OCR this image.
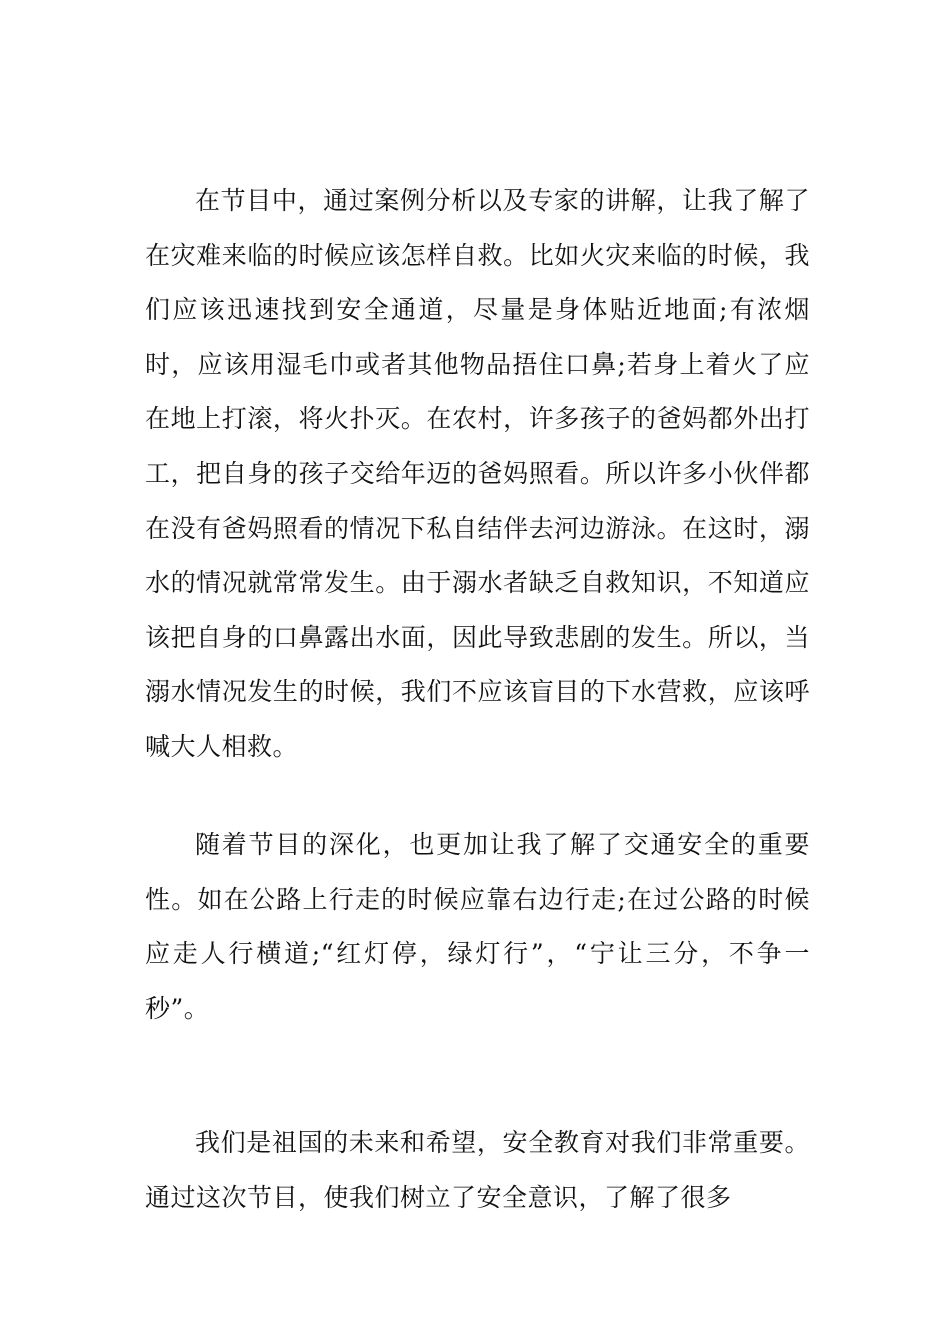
在节目中，通过案例分析以及专家的讲解，让我了解了在灾难来临的时候应该怎样自救。比如火灾来临的时候，我们应该迅速找到安全通道，尽量是身体贴近地面;有浓烟时，应该用湿毛巾或者其他物品捂住口鼻;若身上着火了应在地上打滚，将火扑灭。在农村，许多孩子的爸妈都外出打工，把自身的孩子交给年迈的爸妈照看。所以许多小伙伴都在没有爸妈照看的情况下私自结伴去河边游泳。在这时，溺水的情况就常常发生。由于溺水者缺乏自救知识，不知道应该把自身的口鼻露出水面，因此导致悲剧的发生。所以，当溺水情况发生的时候，我们不应该盲目的下水营救，应该呼喊大人相救。

随着节目的深化，也更加让我了解了交通安全的重要性。如在公路上行走的时候应靠右边行走;在过公路的时候应走人行横道;“红灯停，绿灯行”，“宁让三分，不争一秒”。

我们是祖国的未来和希望，安全教育对我们非常重要。通过这次节目，使我们树立了安全意识，了解了很多
